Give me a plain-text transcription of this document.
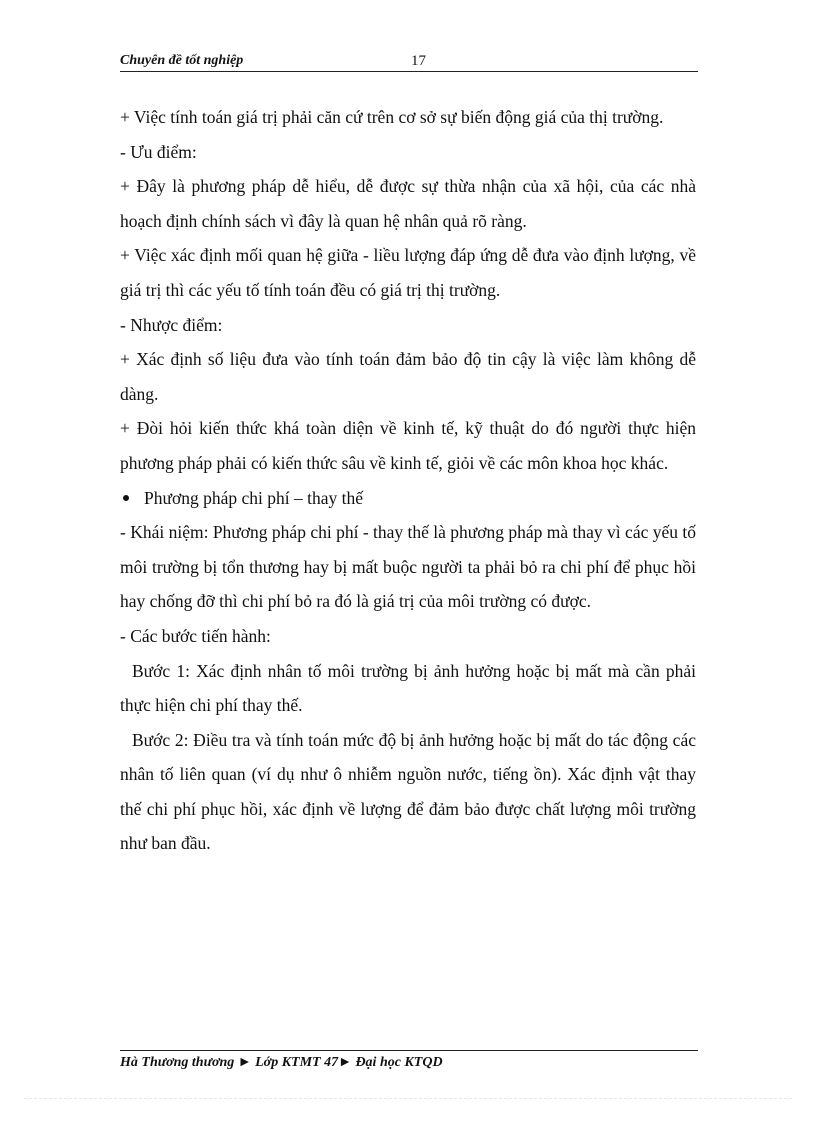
Chuyên đề tốt nghiệp	17

+ Việc tính toán giá trị phải căn cứ trên cơ sở sự biến động giá của thị trường.

- Ưu điểm:

+ Đây là phương pháp dễ hiểu, dễ được sự thừa nhận của xã hội, của các nhà hoạch định chính sách vì đây là quan hệ nhân quả rõ ràng.

+ Việc xác định mối quan hệ giữa - liều lượng đáp ứng dễ đưa vào định lượng, về giá trị thì các yếu tố tính toán đều có giá trị thị trường.

- Nhược điểm:

+ Xác định số liệu đưa vào tính toán đảm bảo độ tin cậy là việc làm không dễ dàng.

+ Đòi hỏi kiến thức khá toàn diện về kinh tế, kỹ thuật do đó người thực hiện phương pháp phải có kiến thức sâu về kinh tế, giỏi về các môn khoa học khác.

Phương pháp chi phí – thay thế

- Khái niệm: Phương pháp chi phí - thay thế là phương pháp mà thay vì các yếu tố môi trường bị tổn thương hay bị mất buộc người ta phải bỏ ra chi phí để phục hồi hay chống đỡ thì chi phí bỏ ra đó là giá trị của môi trường có được.

- Các bước tiến hành:

Bước 1: Xác định nhân tố môi trường bị ảnh hưởng hoặc bị mất mà cần phải thực hiện chi phí thay thế.

Bước 2: Điều tra và tính toán mức độ bị ảnh hưởng hoặc bị mất do tác động các nhân tố liên quan (ví dụ như ô nhiễm nguồn nước, tiếng ồn). Xác định vật thay thế chi phí phục hồi, xác định về lượng để đảm bảo được chất lượng môi trường như ban đầu.

Hà Thương thương ► Lớp KTMT 47► Đại học KTQD
